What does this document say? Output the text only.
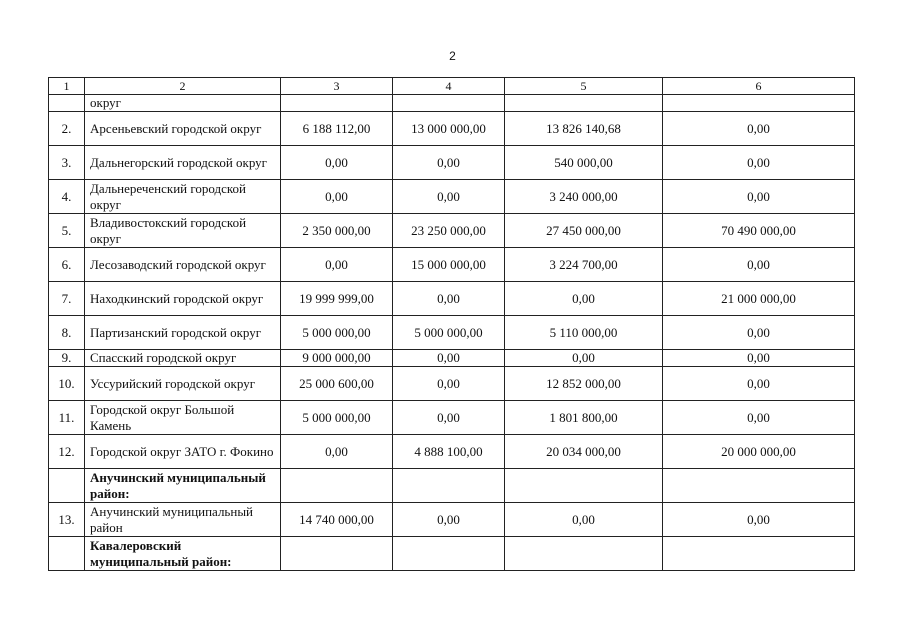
2
1	2	3	4	5	6
	округ				
2.	Арсеньевский городской округ	6 188 112,00	13 000 000,00	13 826 140,68	0,00
3.	Дальнегорский городской округ	0,00	0,00	540 000,00	0,00
4.	Дальнереченский городской округ	0,00	0,00	3 240 000,00	0,00
5.	Владивостокский городской округ	2 350 000,00	23 250 000,00	27 450 000,00	70 490 000,00
6.	Лесозаводский городской округ	0,00	15 000 000,00	3 224 700,00	0,00
7.	Находкинский городской округ	19 999 999,00	0,00	0,00	21 000 000,00
8.	Партизанский городской округ	5 000 000,00	5 000 000,00	5 110 000,00	0,00
9.	Спасский городской округ	9 000 000,00	0,00	0,00	0,00
10.	Уссурийский городской округ	25 000 600,00	0,00	12 852 000,00	0,00
11.	Городской округ Большой Камень	5 000 000,00	0,00	1 801 800,00	0,00
12.	Городской округ ЗАТО г. Фокино	0,00	4 888 100,00	20 034 000,00	20 000 000,00
	Анучинский муниципальный район:				
13.	Анучинский муниципальный район	14 740 000,00	0,00	0,00	0,00
	Кавалеровский муниципальный район:				
